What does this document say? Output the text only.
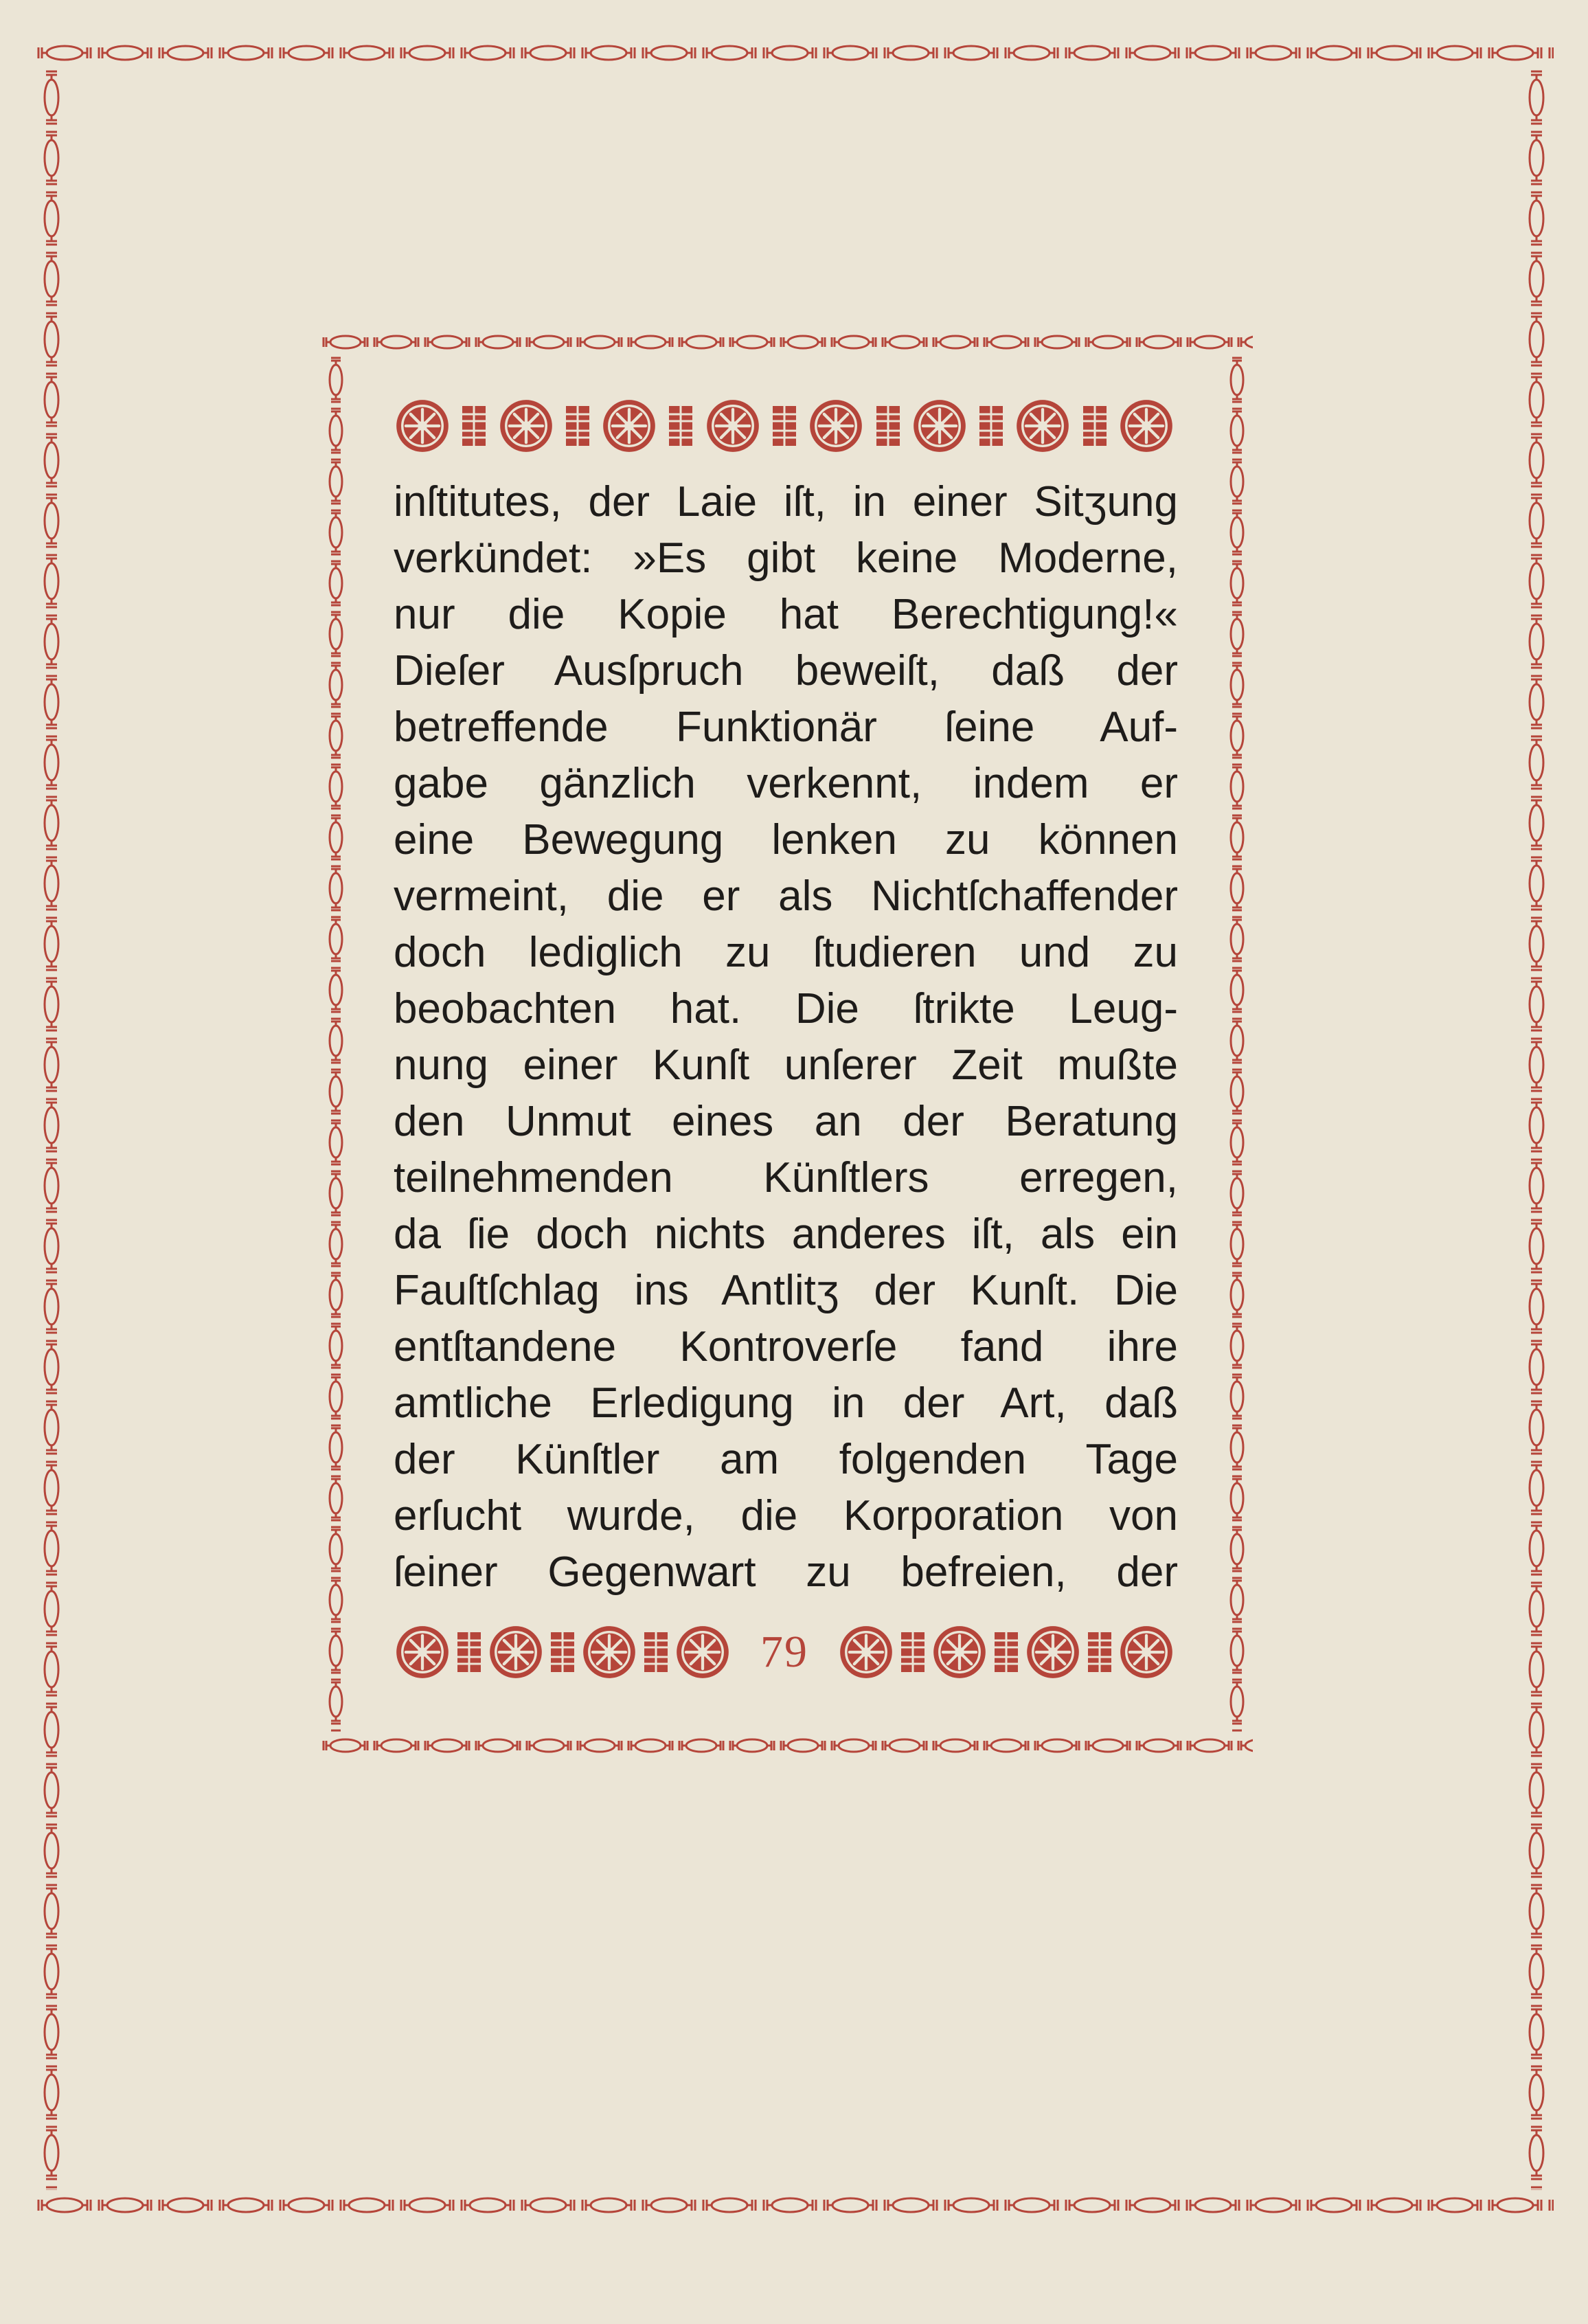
inſtitutes, der Laie iſt, in einer Sitʒung
verkündet: »Es gibt keine Moderne,
nur die Kopie hat Berechtigung!«
Dieſer Ausſpruch beweiſt, daß der
betreffende Funktionär ſeine Auf-
gabe gänzlich verkennt, indem er
eine Bewegung lenken zu können
vermeint, die er als Nichtſchaffender
doch lediglich zu ſtudieren und zu
beobachten hat. Die ſtrikte Leug-
nung einer Kunſt unſerer Zeit mußte
den Unmut eines an der Beratung
teilnehmenden Künſtlers erregen,
da ſie doch nichts anderes iſt, als ein
Fauſtſchlag ins Antlitʒ der Kunſt. Die
entſtandene Kontroverſe fand ihre
amtliche Erledigung in der Art, daß
der Künſtler am folgenden Tage
erſucht wurde, die Korporation von
ſeiner Gegenwart zu befreien, der
79
